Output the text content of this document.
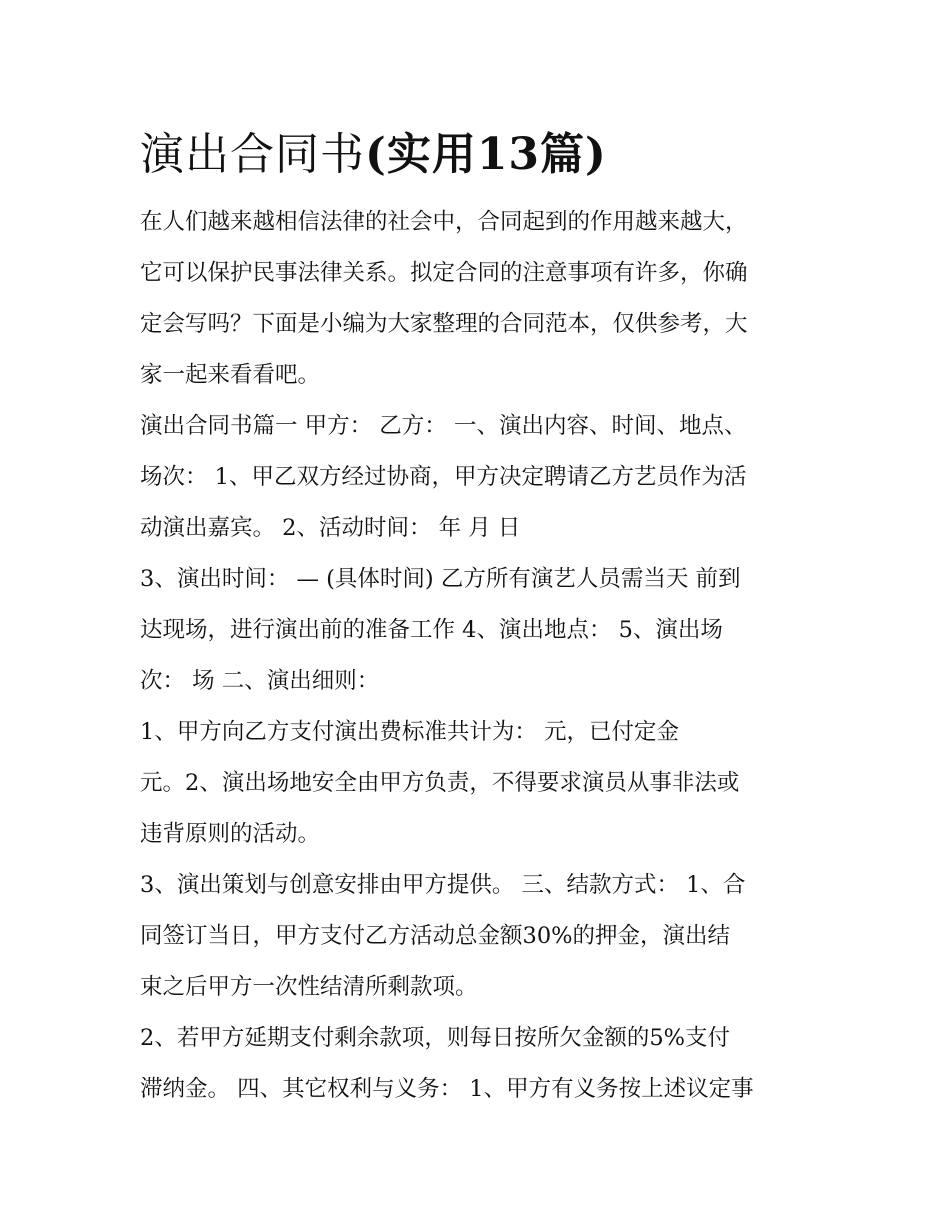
演出合同书(实用13篇)

在人们越来越相信法律的社会中，合同起到的作用越来越大，

它可以保护民事法律关系。拟定合同的注意事项有许多，你确

定会写吗？下面是小编为大家整理的合同范本，仅供参考，大

家一起来看看吧。

演出合同书篇一 甲方： 乙方： 一、演出内容、时间、地点、

场次： 1、甲乙双方经过协商，甲方决定聘请乙方艺员作为活

动演出嘉宾。 2、活动时间： 年 月 日

3、演出时间： — (具体时间) 乙方所有演艺人员需当天 前到

达现场，进行演出前的准备工作 4、演出地点： 5、演出场

次： 场 二、演出细则：

1、甲方向乙方支付演出费标准共计为： 元，已付定金

元。2、演出场地安全由甲方负责，不得要求演员从事非法或

违背原则的活动。

3、演出策划与创意安排由甲方提供。 三、结款方式： 1、合

同签订当日，甲方支付乙方活动总金额30%的押金，演出结

束之后甲方一次性结清所剩款项。

2、若甲方延期支付剩余款项，则每日按所欠金额的5%支付

滞纳金。 四、其它权利与义务： 1、甲方有义务按上述议定事
